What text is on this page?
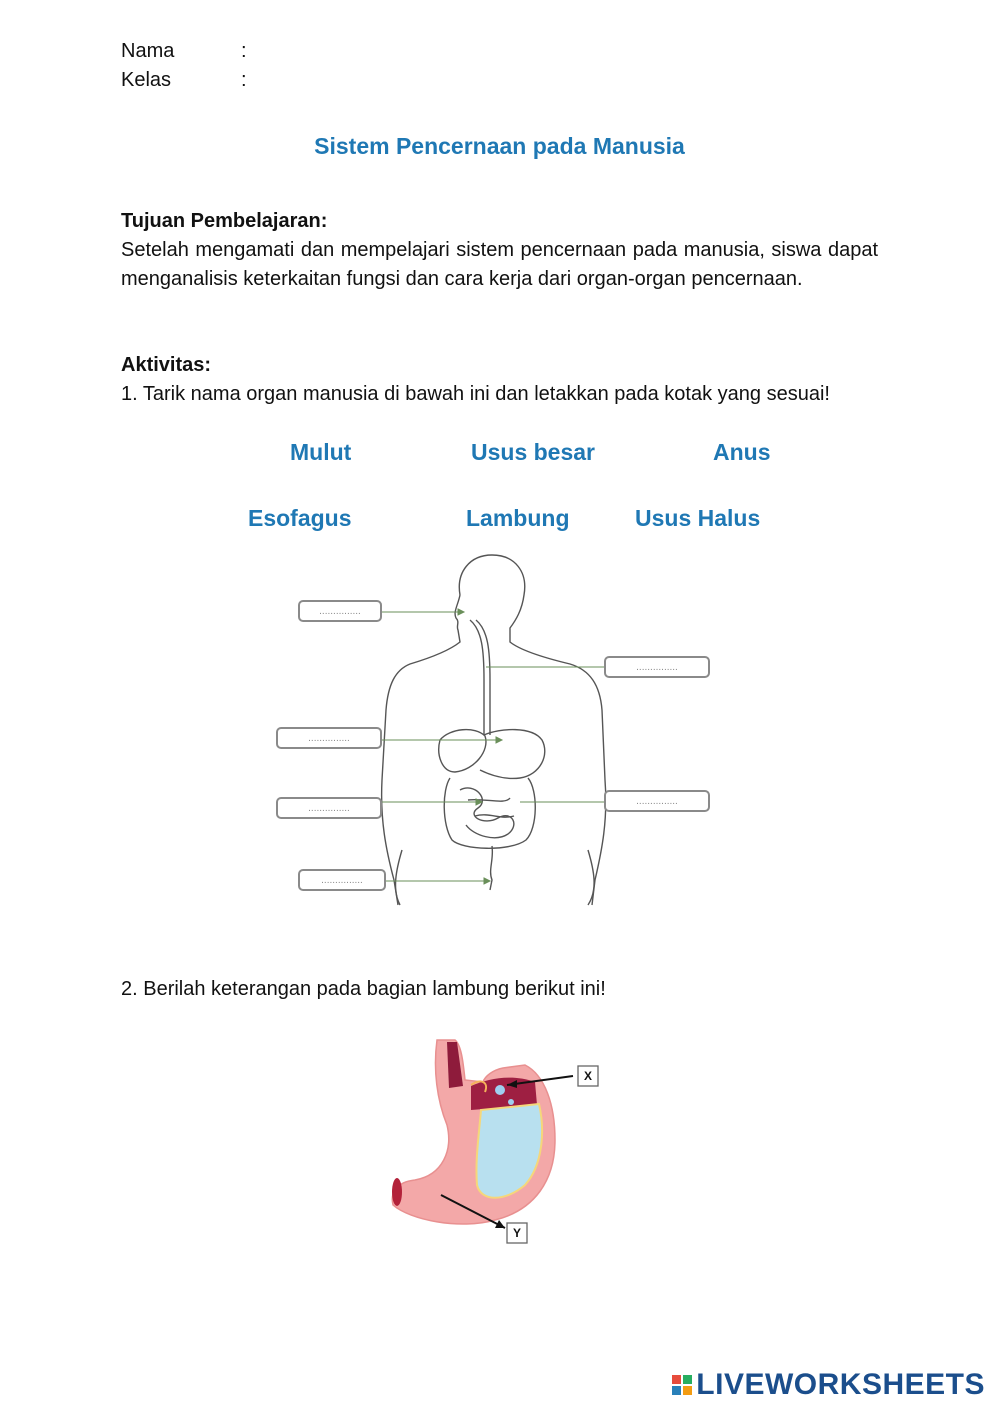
Nama	:
Kelas	:
Sistem Pencernaan pada Manusia
Tujuan Pembelajaran:
Setelah mengamati dan mempelajari sistem pencernaan pada manusia, siswa dapat menganalisis keterkaitan fungsi dan cara kerja dari organ-organ pencernaan.
Aktivitas:
1. Tarik nama organ manusia di bawah ini dan letakkan pada kotak yang sesuai!
Mulut	Usus besar	Anus
Esofagus	Lambung	Usus Halus
...............
...............
...............
...............
...............
...............
2. Berilah keterangan pada bagian lambung berikut ini!
X
Y
LIVEWORKSHEETS
